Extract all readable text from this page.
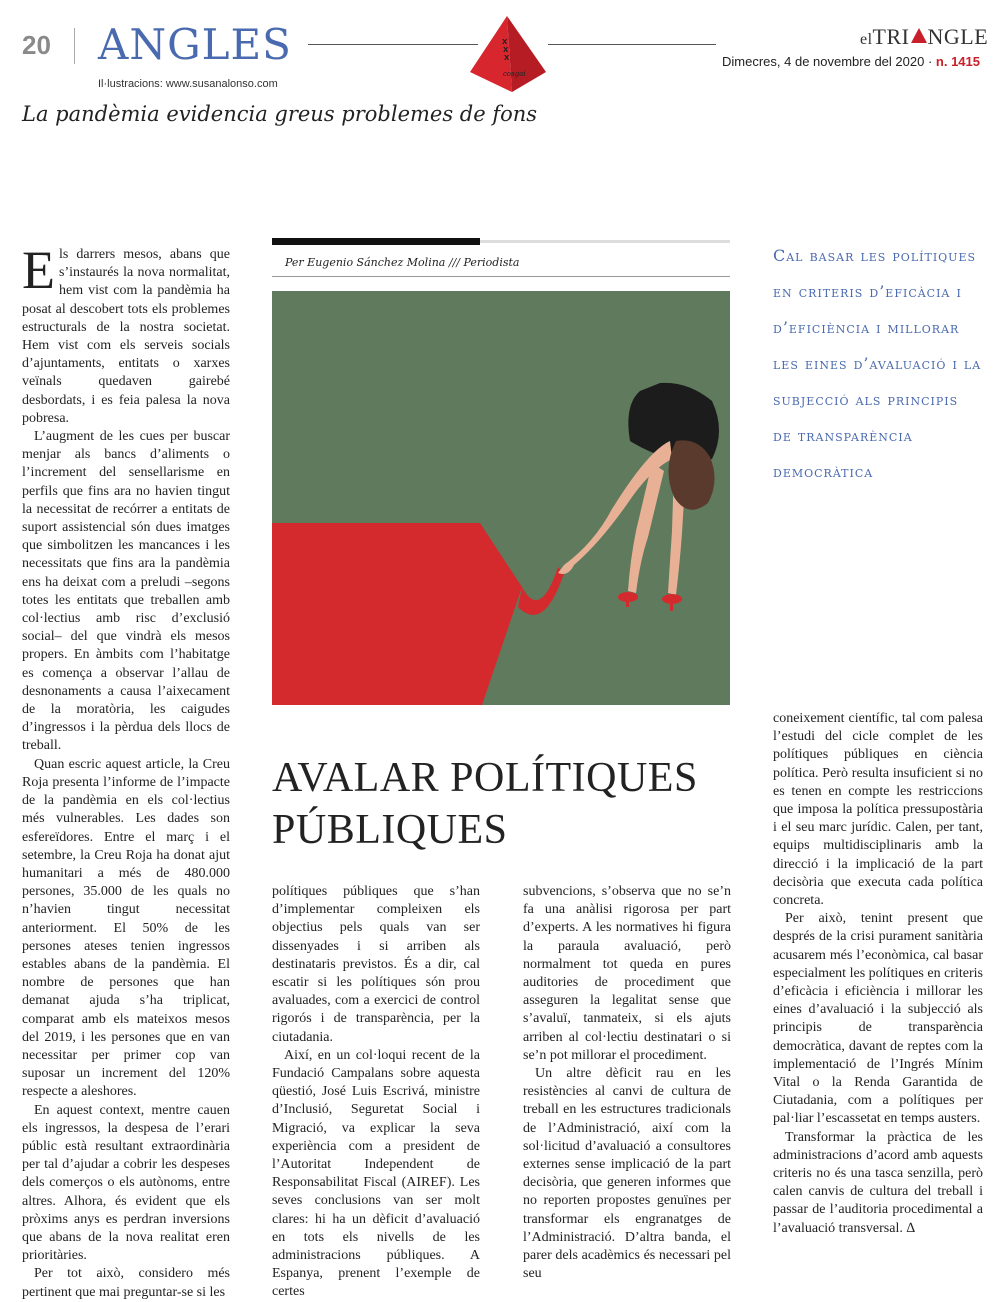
20 ANGLES
Il·lustracions: www.susanalonso.com
X
X
X
cosgai
elTRI NGLE
Dimecres, 4 de novembre del 2020 · n. 1415
La pandèmia evidencia greus problemes de fons
Per Eugenio Sánchez Molina /// Periodista	Cal basar les polítiques en criteris d’eficàcia i d’eficiència i millorar les eines d’avaluació i la subjecció als principis de transparència democràtica
AVALAR POLÍTIQUES PÚBLIQUES

Els darrers mesos, abans que s’instaurés la nova normalitat, hem vist com la pandèmia ha posat al descobert tots els problemes estructurals de la nostra societat. Hem vist com els serveis socials d’ajuntaments, entitats o xarxes veïnals quedaven gairebé desbordats, i es feia palesa la nova pobresa.

L’augment de les cues per buscar menjar als bancs d’aliments o l’increment del sensellarisme en perfils que fins ara no havien tingut la necessitat de recórrer a entitats de suport assistencial són dues imatges que simbolitzen les mancances i les necessitats que fins ara la pandèmia ens ha deixat com a preludi –segons totes les entitats que treballen amb col·lectius amb risc d’exclusió social– del que vindrà els mesos propers. En àmbits com l’habitatge es comença a observar l’allau de desnonaments a causa l’aixecament de la moratòria, les caigudes d’ingressos i la pèrdua dels llocs de treball.

Quan escric aquest article, la Creu Roja presenta l’informe de l’impacte de la pandèmia en els col·lectius més vulnerables. Les dades son esfereïdores. Entre el març i el setembre, la Creu Roja ha donat ajut humanitari a més de 480.000 persones, 35.000 de les quals no n’havien tingut necessitat anteriorment. El 50% de les persones ateses tenien ingressos estables abans de la pandèmia. El nombre de persones que han demanat ajuda s’ha triplicat, comparat amb els mateixos mesos del 2019, i les persones que en van necessitar per primer cop van suposar un increment del 120% respecte a aleshores.

En aquest context, mentre cauen els ingressos, la despesa de l’erari públic està resultant extraordinària per tal d’ajudar a cobrir les despeses dels comerços o els autònoms, entre altres. Alhora, és evident que els pròxims anys es perdran inversions que abans de la nova realitat eren prioritàries.

Per tot això, considero més pertinent que mai preguntar-se si les

polítiques públiques que s’han d’implementar compleixen els objectius pels quals van ser dissenyades i si arriben als destinataris previstos. És a dir, cal escatir si les polítiques són prou avaluades, com a exercici de control rigorós i de transparència, per la ciutadania.

Així, en un col·loqui recent de la Fundació Campalans sobre aquesta qüestió, José Luis Escrivá, ministre d’Inclusió, Seguretat Social i Migració, va explicar la seva experiència com a president de l’Autoritat Independent de Responsabilitat Fiscal (AIREF). Les seves conclusions van ser molt clares: hi ha un dèficit d’avaluació en tots els nivells de les administracions públiques. A Espanya, prenent l’exemple de certes

subvencions, s’observa que no se’n fa una anàlisi rigorosa per part d’experts. A les normatives hi figura la paraula avaluació, però normalment tot queda en pures auditories de procediment que asseguren la legalitat sense que s’avaluï, tanmateix, si els ajuts arriben al col·lectiu destinatari o si se’n pot millorar el procediment.

Un altre dèficit rau en les resistències al canvi de cultura de treball en les estructures tradicionals de l’Administració, així com la sol·licitud d’avaluació a consultores externes sense implicació de la part decisòria, que generen informes que no reporten propostes genuïnes per transformar els engranatges de l’Administració. D’altra banda, el parer dels acadèmics és necessari pel seu

coneixement científic, tal com palesa l’estudi del cicle complet de les polítiques públiques en ciència política. Però resulta insuficient si no es tenen en compte les restriccions que imposa la política pressupostària i el seu marc jurídic. Calen, per tant, equips multidisciplinaris amb la direcció i la implicació de la part decisòria que executa cada política concreta.

Per això, tenint present que després de la crisi purament sanitària acusarem més l’econòmica, cal basar especialment les polítiques en criteris d’eficàcia i eficiència i millorar les eines d’avaluació i la subjecció als principis de transparència democràtica, davant de reptes com la implementació de l’Ingrés Mínim Vital o la Renda Garantida de Ciutadania, com a polítiques per pal·liar l’escassetat en temps austers.

Transformar la pràctica de les administracions d’acord amb aquests criteris no és una tasca senzilla, però calen canvis de cultura del treball i passar de l’auditoria procedimental a l’avaluació transversal. ∆
